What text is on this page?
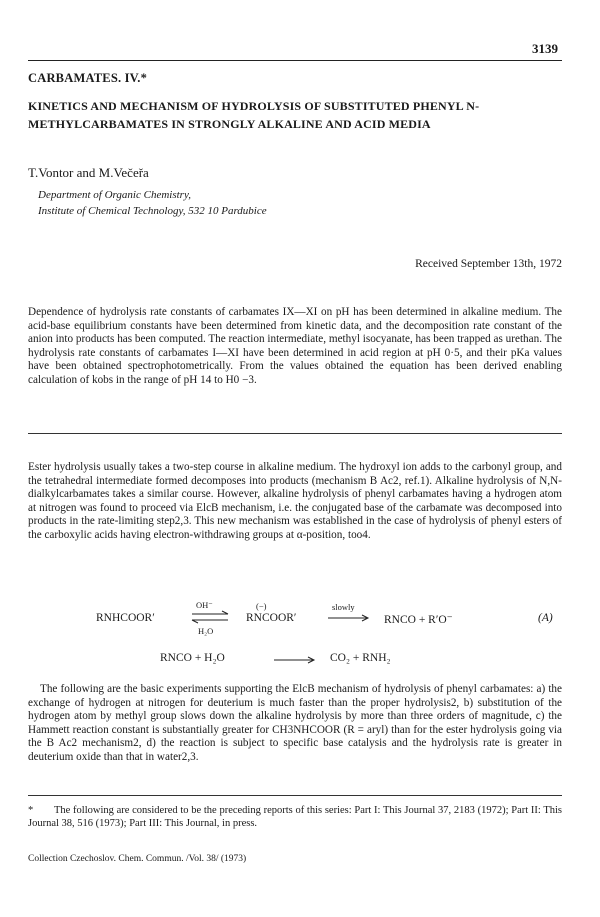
3139
CARBAMATES. IV.*
KINETICS AND MECHANISM OF HYDROLYSIS OF SUBSTITUTED PHENYL N-METHYLCARBAMATES IN STRONGLY ALKALINE AND ACID MEDIA
T.Vontor and M.Večeřa
Department of Organic Chemistry,
Institute of Chemical Technology, 532 10 Pardubice
Received September 13th, 1972
Dependence of hydrolysis rate constants of carbamates IX—XI on pH has been determined in alkaline medium. The acid-base equilibrium constants have been determined from kinetic data, and the decomposition rate constant of the anion into products has been computed. The reaction intermediate, methyl isocyanate, has been trapped as urethan. The hydrolysis rate constants of carbamates I—XI have been determined in acid region at pH 0·5, and their pKa values have been obtained spectrophotometrically. From the values obtained the equation has been derived enabling calculation of kobs in the range of pH 14 to H0 −3.
Ester hydrolysis usually takes a two-step course in alkaline medium. The hydroxyl ion adds to the carbonyl group, and the tetrahedral intermediate formed decomposes into products (mechanism B Ac2, ref.1). Alkaline hydrolysis of N,N-dialkylcarbamates takes a similar course. However, alkaline hydrolysis of phenyl carbamates having a hydrogen atom at nitrogen was found to proceed via ElcB mechanism, i.e. the conjugated base of the carbamate was decomposed into products in the rate-limiting step2,3. This new mechanism was established in the case of hydrolysis of phenyl esters of the carboxylic acids having electron-withdrawing groups at α-position, too4.
RNHCOOR′
OH⁻
H₂O
(−)
RNCOOR′
slowly
→ RNCO + R′O⁻	(A)
RNCO + H₂O	→ CO₂ + RNH₂
The following are the basic experiments supporting the ElcB mechanism of hydrolysis of phenyl carbamates: a) the exchange of hydrogen at nitrogen for deuterium is much faster than the proper hydrolysis2, b) substitution of the hydrogen atom by methyl group slows down the alkaline hydrolysis by more than three orders of magnitude, c) the Hammett reaction constant is substantially greater for CH3NHCOOR (R = aryl) than for the ester hydrolysis going via the B Ac2 mechanism2, d) the reaction is subject to specific base catalysis and the hydrolysis rate is greater in deuterium oxide than that in water2,3.
* The following are considered to be the preceding reports of this series: Part I: This Journal 37, 2183 (1972); Part II: This Journal 38, 516 (1973); Part III: This Journal, in press.
Collection Czechoslov. Chem. Commun. /Vol. 38/ (1973)
